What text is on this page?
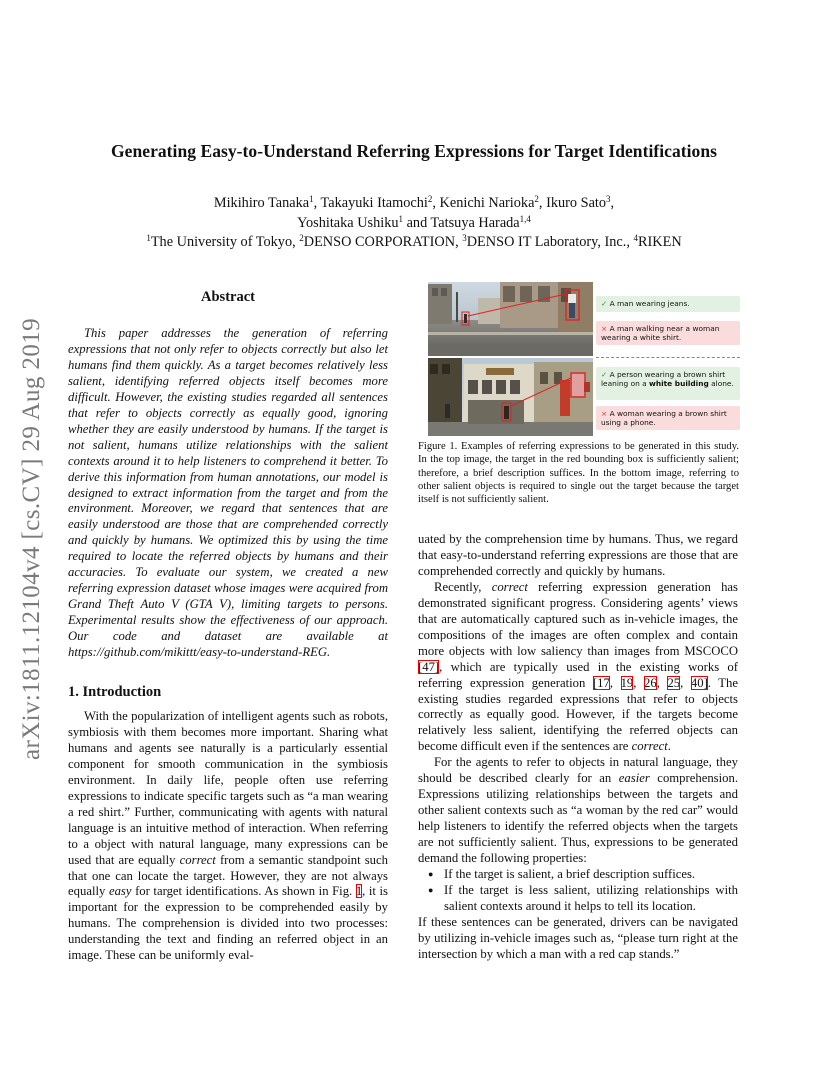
arXiv:1811.12104v4 [cs.CV] 29 Aug 2019
Generating Easy-to-Understand Referring Expressions for Target Identifications
Mikihiro Tanaka$^1$, Takayuki Itamochi$^2$, Kenichi Narioka$^2$, Ikuro Sato$^3$,
Yoshitaka Ushiku$^1$ and Tatsuya Harada$^{1,4}$
$^1$The University of Tokyo, $^2$DENSO CORPORATION, $^3$DENSO IT Laboratory, Inc., $^4$RIKEN
Abstract

This paper addresses the generation of referring expressions that not only refer to objects correctly but also let humans find them quickly. As a target becomes relatively less salient, identifying referred objects itself becomes more difficult. However, the existing studies regarded all sentences that refer to objects correctly as equally good, ignoring whether they are easily understood by humans. If the target is not salient, humans utilize relationships with the salient contexts around it to help listeners to comprehend it better. To derive this information from human annotations, our model is designed to extract information from the target and from the environment. Moreover, we regard that sentences that are easily understood are those that are comprehended correctly and quickly by humans. We optimized this by using the time required to locate the referred objects by humans and their accuracies. To evaluate our system, we created a new referring expression dataset whose images were acquired from Grand Theft Auto V (GTA V), limiting targets to persons. Experimental results show the effectiveness of our approach. Our code and dataset are available at https://github.com/mikittt/easy-to-understand-REG.

1. Introduction

With the popularization of intelligent agents such as robots, symbiosis with them becomes more important. Sharing what humans and agents see naturally is a particularly essential component for smooth communication in the symbiosis environment. In daily life, people often use referring expressions to indicate specific targets such as “a man wearing a red shirt.” Further, communicating with agents with natural language is an intuitive method of interaction. When referring to a object with natural language, many expressions can be used that are equally correct from a semantic standpoint such that one can locate the target. However, they are not always equally easy for target identifications. As shown in Fig. 1, it is important for the expression to be comprehended easily by humans. The comprehension is divided into two processes: understanding the text and finding an referred object in an image. These can be uniformly eval-

✓ A man wearing jeans.
× A man walking near a woman wearing a white shirt.
✓ A person wearing a brown shirt leaning on a white building alone.
× A woman wearing a brown shirt using a phone.
Figure 1. Examples of referring expressions to be generated in this study. In the top image, the target in the red bounding box is sufficiently salient; therefore, a brief description suffices. In the bottom image, referring to other salient objects is required to single out the target because the target itself is not sufficiently salient.

uated by the comprehension time by humans. Thus, we regard that easy-to-understand referring expressions are those that are comprehended correctly and quickly by humans.

Recently, correct referring expression generation has demonstrated significant progress. Considering agents’ views that are automatically captured such as in-vehicle images, the compositions of the images are often complex and contain more objects with low saliency than images from MSCOCO [47], which are typically used in the existing works of referring expression generation [17, 19, 26, 25, 40]. The existing studies regarded expressions that refer to objects correctly as equally good. However, if the targets become relatively less salient, identifying the referred objects can become difficult even if the sentences are correct.

For the agents to refer to objects in natural language, they should be described clearly for an easier comprehension. Expressions utilizing relationships between the targets and other salient contexts such as “a woman by the red car” would help listeners to identify the referred objects when the targets are not sufficiently salient. Thus, expressions to be generated demand the following properties:

● If the target is salient, a brief description suffices.
● If the target is less salient, utilizing relationships with salient contexts around it helps to tell its location.

If these sentences can be generated, drivers can be navigated by utilizing in-vehicle images such as, “please turn right at the intersection by which a man with a red cap stands.”
